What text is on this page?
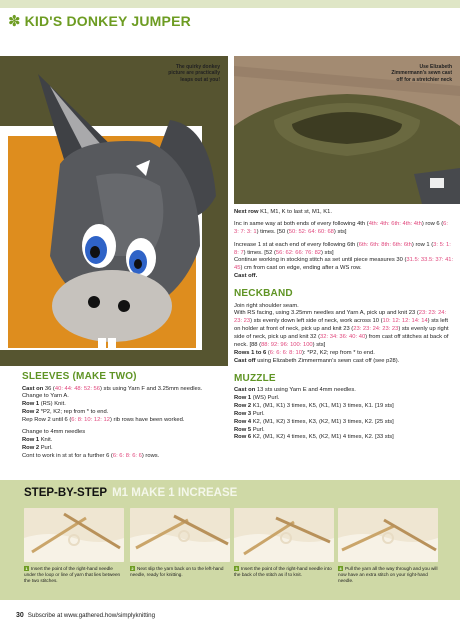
✽ KID'S DONKEY JUMPER
The quirky donkey picture are practically leaps out at you!
Use Elizabeth Zimmermann's sewn cast off for a stretchier neck

Next row K1, M1, K to last st, M1, K1.

Inc in same way at both ends of every following 4th (4th: 4th: 6th: 4th: 4th) row 6 (6: 3: 7: 3: 1) times. [50 (50: 52: 64: 60: 68) sts]

Increase 1 st at each end of every following 6th (6th: 6th: 8th: 6th: 6th) row 1 (3: 5: 1: 8: 7) times. [52 (56: 62: 66: 76: 82) sts]
Continue working in stocking stitch as set until piece measures 30 (31.5: 33.5: 37: 41: 45) cm from cast on edge, ending after a WS row.
Cast off.

NECKBAND

Join right shoulder seam.
With RS facing, using 3.25mm needles and Yarn A, pick up and knit 23 (23: 23: 24: 23: 23) sts evenly down left side of neck, work across 10 (10: 12: 12: 14: 14) sts left on holder at front of neck, pick up and knit 23 (23: 23: 24: 23: 23) sts evenly up right side of neck, pick up and knit 32 (32: 34: 36: 40: 40) from cast off stitches at back of neck. [88 (88: 92: 96: 100: 100) sts]
Rows 1 to 6 (6: 6: 6: 8: 10): *P2, K2; rep from * to end.
Cast off using Elizabeth Zimmermann's sewn cast off (see p28).

MUZZLE

Cast on 13 sts using Yarn E and 4mm needles.
Row 1 (WS) Purl.
Row 2 K1, (M1, K1) 3 times, K5, (K1, M1) 3 times, K1. [19 sts]
Row 3 Purl.
Row 4 K2, (M1, K2) 3 times, K3, (K2, M1) 3 times, K2. [25 sts]
Row 5 Purl.
Row 6 K2, (M1, K2) 4 times, K5, (K2, M1) 4 times, K2. [33 sts]

SLEEVES (MAKE TWO)

Cast on 36 (40: 44: 48: 52: 56) sts using Yarn F and 3.25mm needles.
Change to Yarn A.
Row 1 (RS) Knit.
Row 2 *P2, K2; rep from * to end.
Rep Row 2 until 6 (6: 8: 10: 12: 12) rib rows have been worked.

Change to 4mm needles
Row 1 Knit.
Row 2 Purl.
Cont to work in st st for a further 6 (6: 6: 8: 6: 6) rows.

STEP-BY-STEP M1 MAKE 1 INCREASE
1 Insert the point of the right-hand needle under the loop or line of yarn that lies between the two stitches.
2 Next slip the yarn back on to the left-hand needle, ready for knitting.
3 Insert the point of the right-hand needle into the back of the stitch as if to knit.
4 Pull the yarn all the way through and you will now have an extra stitch on your right-hand needle.
30 Subscribe at www.gathered.how/simplyknitting
